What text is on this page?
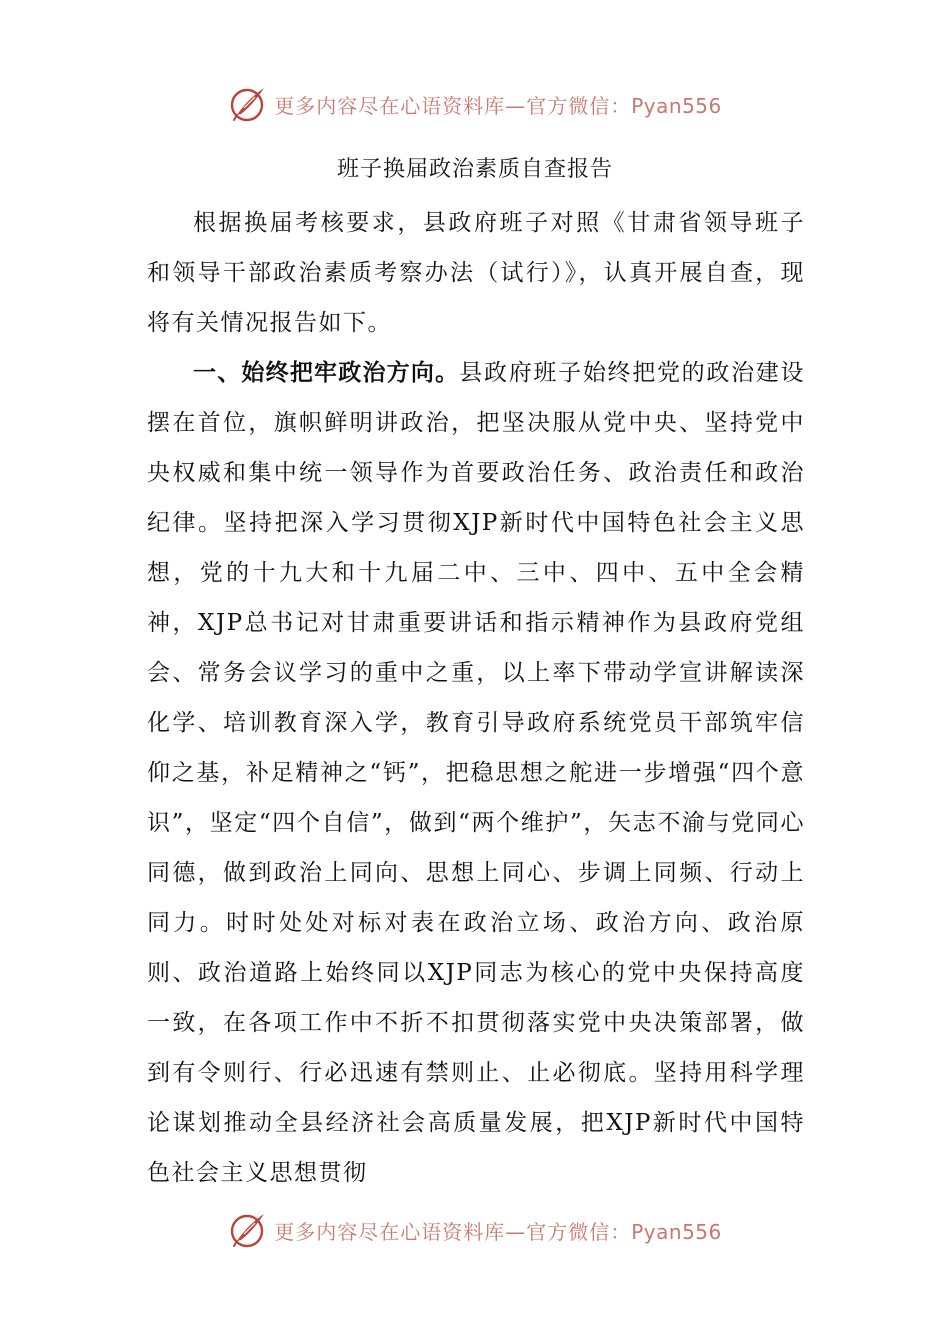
更多内容尽在心语资料库—官方微信：Pyan556
班子换届政治素质自查报告

根据换届考核要求，县政府班子对照《甘肃省领导班子和领导干部政治素质考察办法（试行）》，认真开展自查，现将有关情况报告如下。

一、始终把牢政治方向。县政府班子始终把党的政治建设摆在首位，旗帜鲜明讲政治，把坚决服从党中央、坚持党中央权威和集中统一领导作为首要政治任务、政治责任和政治纪律。坚持把深入学习贯彻XJP新时代中国特色社会主义思想，党的十九大和十九届二中、三中、四中、五中全会精神，XJP总书记对甘肃重要讲话和指示精神作为县政府党组会、常务会议学习的重中之重，以上率下带动学宣讲解读深化学、培训教育深入学，教育引导政府系统党员干部筑牢信仰之基，补足精神之“钙”，把稳思想之舵进一步增强“四个意识”，坚定“四个自信”，做到“两个维护”，矢志不渝与党同心同德，做到政治上同向、思想上同心、步调上同频、行动上同力。时时处处对标对表在政治立场、政治方向、政治原则、政治道路上始终同以XJP同志为核心的党中央保持高度一致，在各项工作中不折不扣贯彻落实党中央决策部署，做到有令则行、行必迅速有禁则止、止必彻底。坚持用科学理论谋划推动全县经济社会高质量发展，把XJP新时代中国特色社会主义思想贯彻

更多内容尽在心语资料库—官方微信：Pyan556
